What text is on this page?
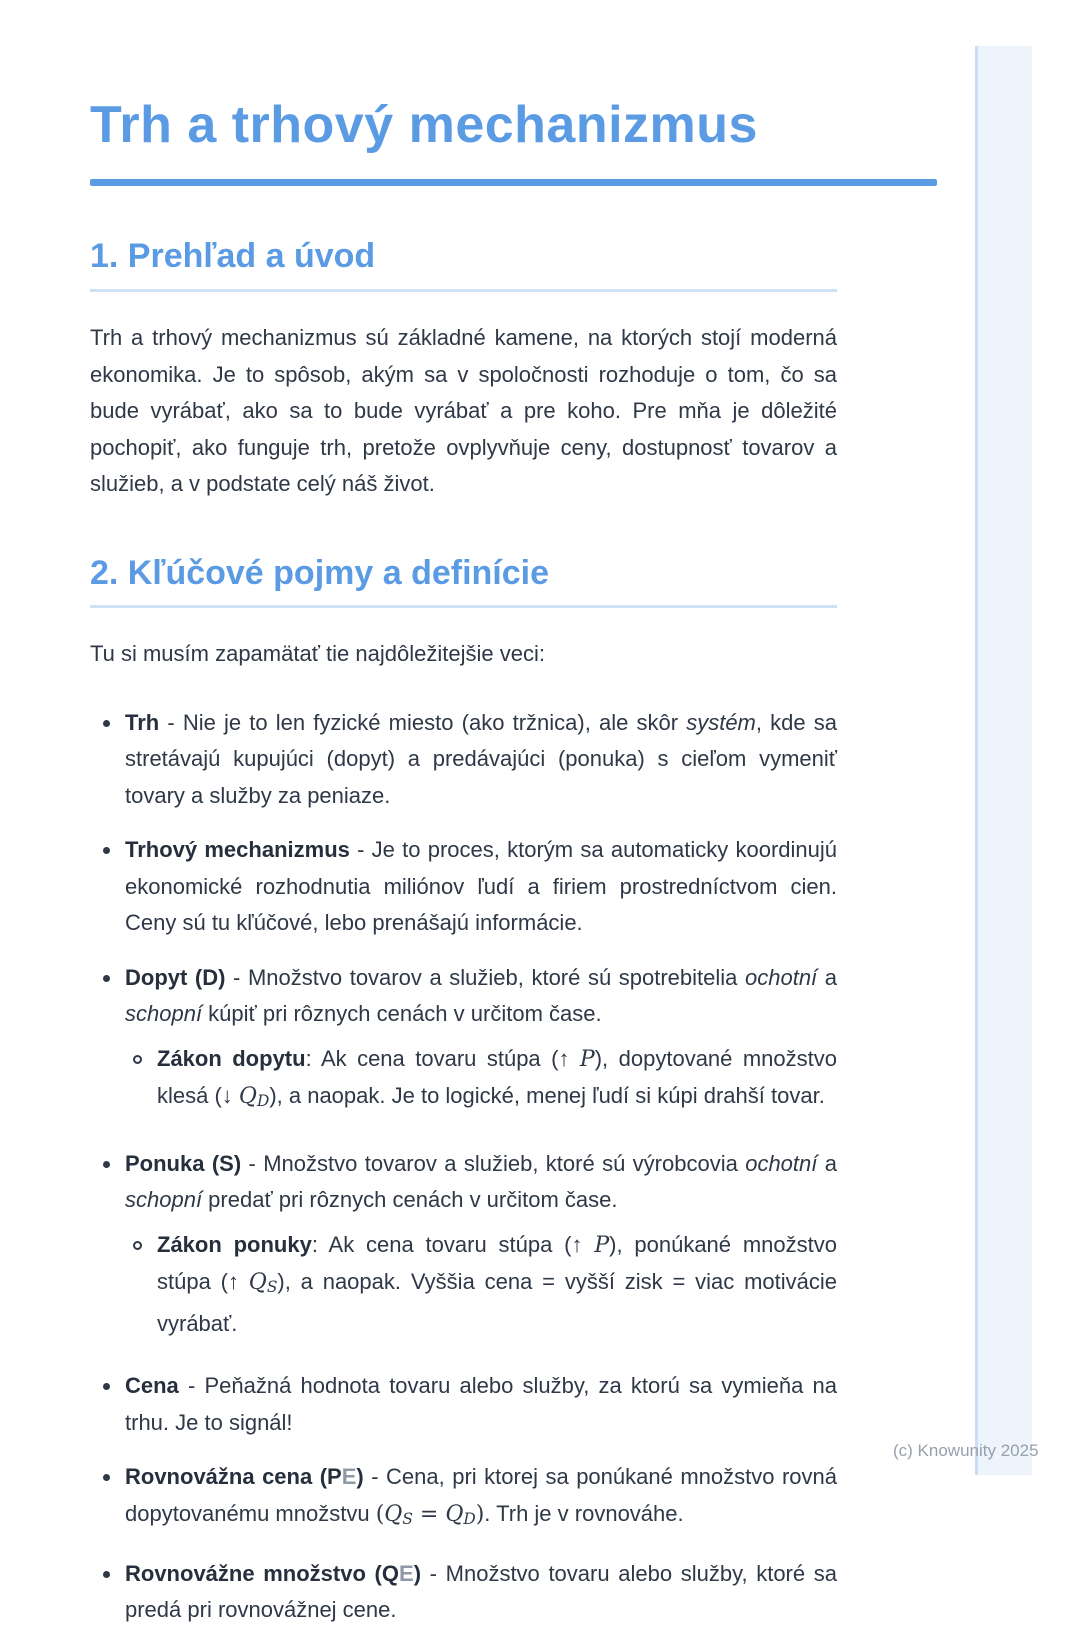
Trh a trhový mechanizmus
1. Prehľad a úvod

Trh a trhový mechanizmus sú základné kamene, na ktorých stojí moderná ekonomika. Je to spôsob, akým sa v spoločnosti rozhoduje o tom, čo sa bude vyrábať, ako sa to bude vyrábať a pre koho. Pre mňa je dôležité pochopiť, ako funguje trh, pretože ovplyvňuje ceny, dostupnosť tovarov a služieb, a v podstate celý náš život.

2. Kľúčové pojmy a definície

Tu si musím zapamätať tie najdôležitejšie veci:

Trh - Nie je to len fyzické miesto (ako tržnica), ale skôr systém, kde sa stretávajú kupujúci (dopyt) a predávajúci (ponuka) s cieľom vymeniť tovary a služby za peniaze.
Trhový mechanizmus - Je to proces, ktorým sa automaticky koordinujú ekonomické rozhodnutia miliónov ľudí a firiem prostredníctvom cien. Ceny sú tu kľúčové, lebo prenášajú informácie.
Dopyt (D) - Množstvo tovarov a služieb, ktoré sú spotrebitelia ochotní a schopní kúpiť pri rôznych cenách v určitom čase.
Zákon dopytu: Ak cena tovaru stúpa (↑ P), dopytované množstvo klesá (↓ QD), a naopak. Je to logické, menej ľudí si kúpi drahší tovar.
Ponuka (S) - Množstvo tovarov a služieb, ktoré sú výrobcovia ochotní a schopní predať pri rôznych cenách v určitom čase.
Zákon ponuky: Ak cena tovaru stúpa (↑ P), ponúkané množstvo stúpa (↑ QS), a naopak. Vyššia cena = vyšší zisk = viac motivácie vyrábať.
Cena - Peňažná hodnota tovaru alebo služby, za ktorú sa vymieňa na trhu. Je to signál!
Rovnovážna cena (PE) - Cena, pri ktorej sa ponúkané množstvo rovná dopytovanému množstvu (QS = QD). Trh je v rovnováhe.
Rovnovážne množstvo (QE) - Množstvo tovaru alebo služby, ktoré sa predá pri rovnovážnej cene.
(c) Knowunity 2025
